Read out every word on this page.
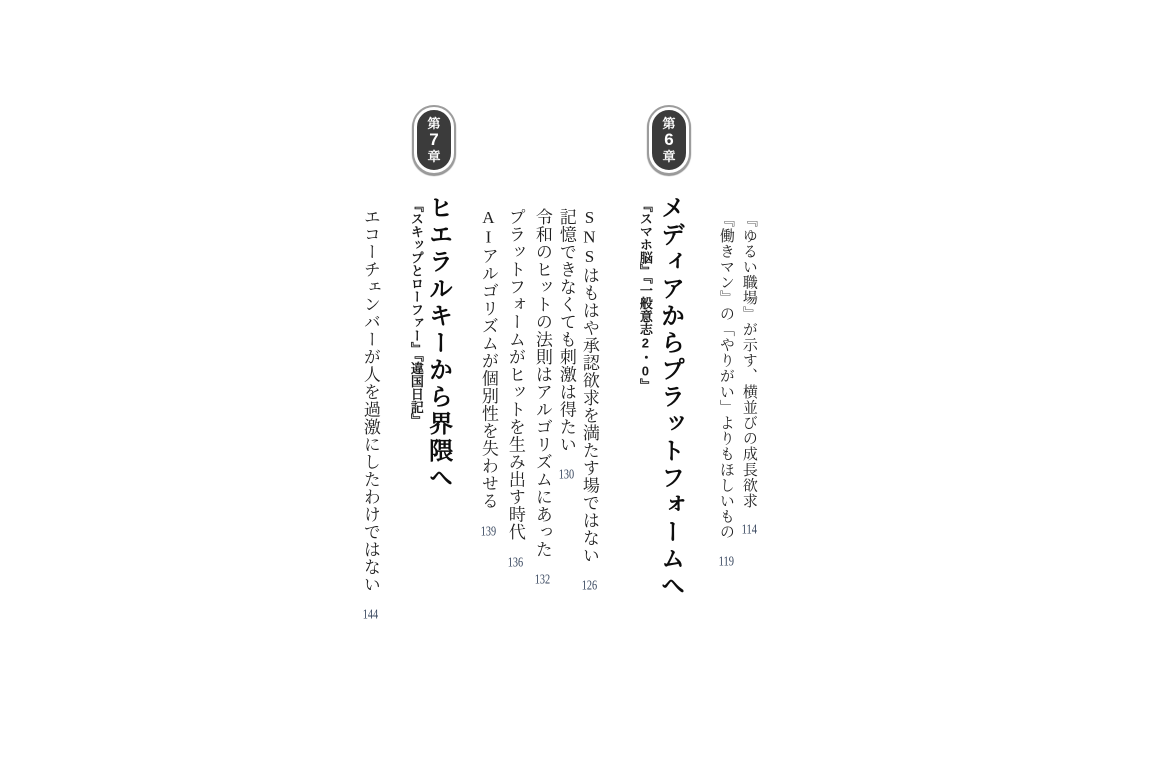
『ゆるい職場』が示す、横並びの成長欲求114
『働きマン』の「やりがい」よりもほしいもの119
第
6
章
メディアからプラットフォームへ
『スマホ脳』『一般意志2・0』
SNSはもはや承認欲求を満たす場ではない126
記憶できなくても刺激は得たい130
令和のヒットの法則はアルゴリズムにあった132
プラットフォームがヒットを生み出す時代136
AIアルゴリズムが個別性を失わせる139
第
7
章
ヒエラルキーから界隈へ
『スキップとローファー』『違国日記』
エコーチェンバーが人を過激にしたわけではない144
